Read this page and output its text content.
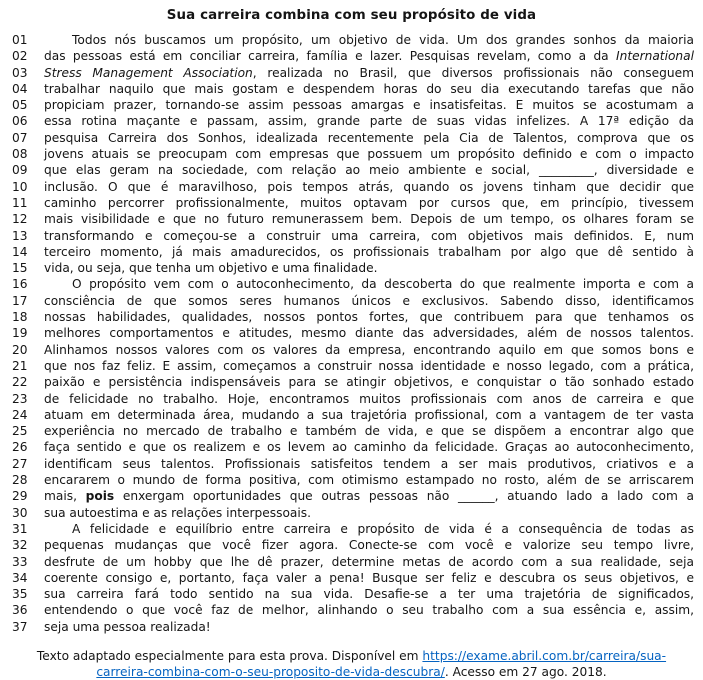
Sua carreira combina com seu propósito de vida
01	Todos nós buscamos um propósito, um objetivo de vida. Um dos grandes sonhos da maioria
02	das pessoas está em conciliar carreira, família e lazer. Pesquisas revelam, como a da International
03	Stress Management Association, realizada no Brasil, que diversos profissionais não conseguem
04	trabalhar naquilo que mais gostam e despendem horas do seu dia executando tarefas que não
05	propiciam prazer, tornando-se assim pessoas amargas e insatisfeitas. E muitos se acostumam a
06	essa rotina maçante e passam, assim, grande parte de suas vidas infelizes. A 17ª edição da
07	pesquisa Carreira dos Sonhos, idealizada recentemente pela Cia de Talentos, comprova que os
08	jovens atuais se preocupam com empresas que possuem um propósito definido e com o impacto
09	que elas geram na sociedade, com relação ao meio ambiente e social, _________, diversidade e
10	inclusão. O que é maravilhoso, pois tempos atrás, quando os jovens tinham que decidir que
11	caminho percorrer profissionalmente, muitos optavam por cursos que, em princípio, tivessem
12	mais visibilidade e que no futuro remunerassem bem. Depois de um tempo, os olhares foram se
13	transformando e começou-se a construir uma carreira, com objetivos mais definidos. E, num
14	terceiro momento, já mais amadurecidos, os profissionais trabalham por algo que dê sentido à
15	vida, ou seja, que tenha um objetivo e uma finalidade.
16	O propósito vem com o autoconhecimento, da descoberta do que realmente importa e com a
17	consciência de que somos seres humanos únicos e exclusivos. Sabendo disso, identificamos
18	nossas habilidades, qualidades, nossos pontos fortes, que contribuem para que tenhamos os
19	melhores comportamentos e atitudes, mesmo diante das adversidades, além de nossos talentos.
20	Alinhamos nossos valores com os valores da empresa, encontrando aquilo em que somos bons e
21	que nos faz feliz. E assim, começamos a construir nossa identidade e nosso legado, com a prática,
22	paixão e persistência indispensáveis para se atingir objetivos, e conquistar o tão sonhado estado
23	de felicidade no trabalho. Hoje, encontramos muitos profissionais com anos de carreira e que
24	atuam em determinada área, mudando a sua trajetória profissional, com a vantagem de ter vasta
25	experiência no mercado de trabalho e também de vida, e que se dispõem a encontrar algo que
26	faça sentido e que os realizem e os levem ao caminho da felicidade. Graças ao autoconhecimento,
27	identificam seus talentos. Profissionais satisfeitos tendem a ser mais produtivos, criativos e a
28	encararem o mundo de forma positiva, com otimismo estampado no rosto, além de se arriscarem
29	mais, pois enxergam oportunidades que outras pessoas não ______, atuando lado a lado com a
30	sua autoestima e as relações interpessoais.
31	A felicidade e equilíbrio entre carreira e propósito de vida é a consequência de todas as
32	pequenas mudanças que você fizer agora. Conecte-se com você e valorize seu tempo livre,
33	desfrute de um hobby que lhe dê prazer, determine metas de acordo com a sua realidade, seja
34	coerente consigo e, portanto, faça valer a pena! Busque ser feliz e descubra os seus objetivos, e
35	sua carreira fará todo sentido na sua vida. Desafie-se a ter uma trajetória de significados,
36	entendendo o que você faz de melhor, alinhando o seu trabalho com a sua essência e, assim,
37	seja uma pessoa realizada!
Texto adaptado especialmente para esta prova. Disponível em https://exame.abril.com.br/carreira/sua-
carreira-combina-com-o-seu-proposito-de-vida-descubra/. Acesso em 27 ago. 2018.
